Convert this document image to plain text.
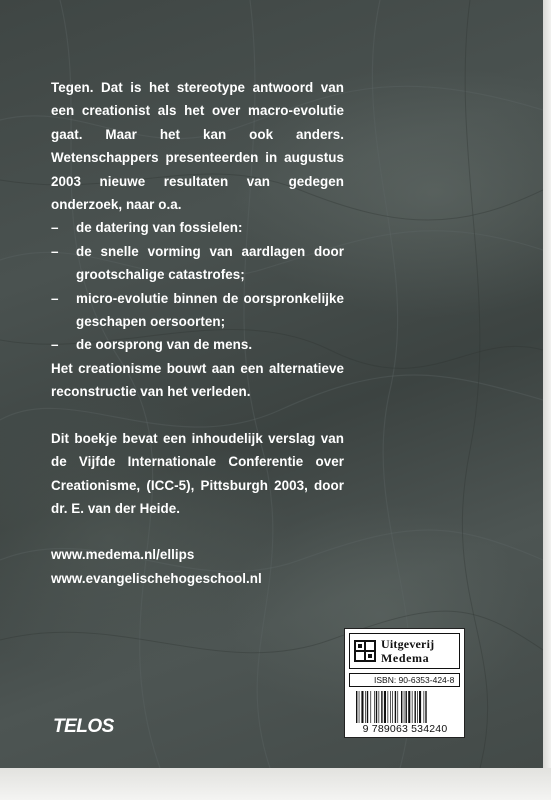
Tegen. Dat is het stereotype antwoord van een creationist als het over macro-evolutie gaat. Maar het kan ook anders. Wetenschappers presenteerden in augustus 2003 nieuwe resultaten van gedegen onderzoek, naar o.a.

– de datering van fossielen:
– de snelle vorming van aardlagen door grootschalige catastrofes;
– micro-evolutie binnen de oorspronkelijke geschapen oersoorten;
– de oorsprong van de mens.

Het creationisme bouwt aan een alternatieve reconstructie van het verleden.

Dit boekje bevat een inhoudelijk verslag van de Vijfde Internationale Conferentie over Creationisme, (ICC-5), Pittsburgh 2003, door dr. E. van der Heide.

www.medema.nl/ellips

www.evangelischehogeschool.nl

Uitgeverij
Medema
ISBN: 90-6353-424-8
9 789063 534240
TELOS
